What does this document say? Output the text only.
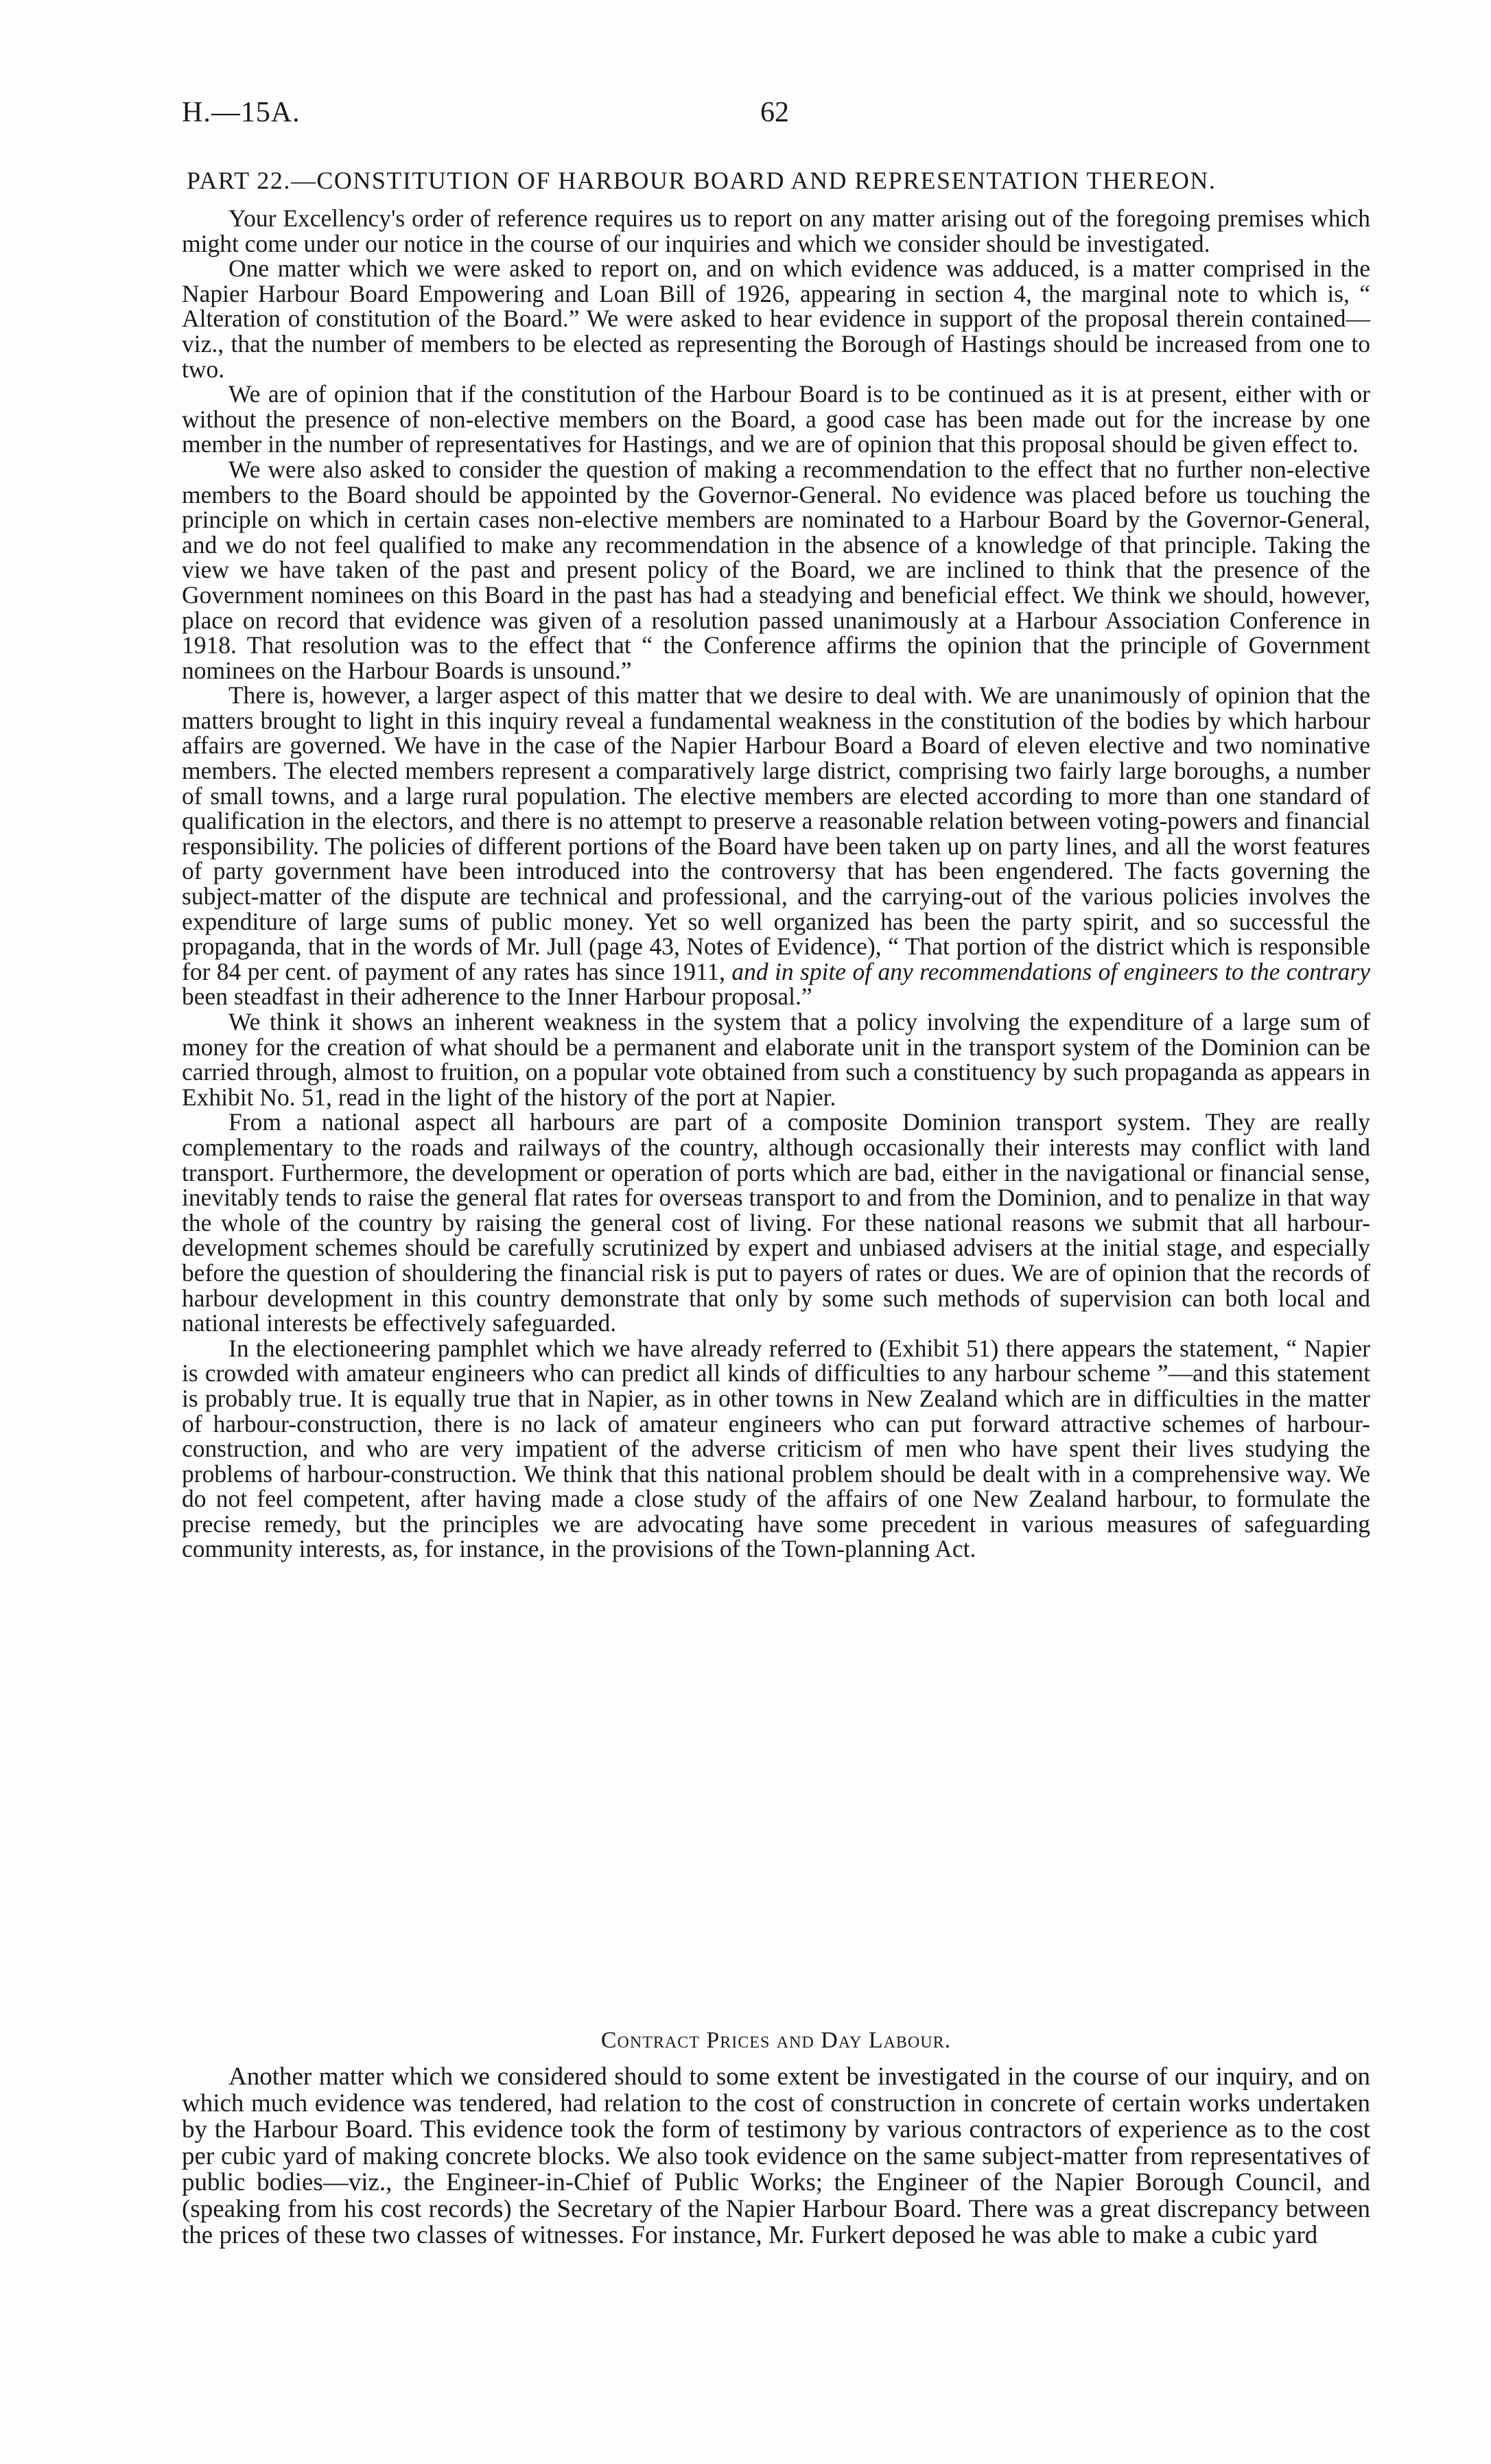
H.—15A.	62
PART 22.—CONSTITUTION OF HARBOUR BOARD AND REPRESENTATION THEREON.

Your Excellency's order of reference requires us to report on any matter arising out of the foregoing premises which might come under our notice in the course of our inquiries and which we consider should be investigated.

One matter which we were asked to report on, and on which evidence was adduced, is a matter comprised in the Napier Harbour Board Empowering and Loan Bill of 1926, appearing in section 4, the marginal note to which is, “ Alteration of constitution of the Board.” We were asked to hear evidence in support of the proposal therein contained—viz., that the number of members to be elected as representing the Borough of Hastings should be increased from one to two.

We are of opinion that if the constitution of the Harbour Board is to be continued as it is at present, either with or without the presence of non-elective members on the Board, a good case has been made out for the increase by one member in the number of representatives for Hastings, and we are of opinion that this proposal should be given effect to.

We were also asked to consider the question of making a recommendation to the effect that no further non-elective members to the Board should be appointed by the Governor-General. No evidence was placed before us touching the principle on which in certain cases non-elective members are nominated to a Harbour Board by the Governor-General, and we do not feel qualified to make any recommendation in the absence of a knowledge of that principle. Taking the view we have taken of the past and present policy of the Board, we are inclined to think that the presence of the Government nominees on this Board in the past has had a steadying and beneficial effect. We think we should, however, place on record that evidence was given of a resolution passed unanimously at a Harbour Association Conference in 1918. That resolution was to the effect that “ the Conference affirms the opinion that the principle of Government nominees on the Harbour Boards is unsound.”

There is, however, a larger aspect of this matter that we desire to deal with. We are unanimously of opinion that the matters brought to light in this inquiry reveal a fundamental weakness in the constitution of the bodies by which harbour affairs are governed. We have in the case of the Napier Harbour Board a Board of eleven elective and two nominative members. The elected members represent a comparatively large district, comprising two fairly large boroughs, a number of small towns, and a large rural population. The elective members are elected according to more than one standard of qualification in the electors, and there is no attempt to preserve a reasonable relation between voting-powers and financial responsibility. The policies of different portions of the Board have been taken up on party lines, and all the worst features of party government have been introduced into the controversy that has been engendered. The facts governing the subject-matter of the dispute are technical and professional, and the carrying-out of the various policies involves the expenditure of large sums of public money. Yet so well organized has been the party spirit, and so successful the propaganda, that in the words of Mr. Jull (page 43, Notes of Evidence), “ That portion of the district which is responsible for 84 per cent. of payment of any rates has since 1911, and in spite of any recommendations of engineers to the contrary been steadfast in their adherence to the Inner Harbour proposal.”

We think it shows an inherent weakness in the system that a policy involving the expenditure of a large sum of money for the creation of what should be a permanent and elaborate unit in the transport system of the Dominion can be carried through, almost to fruition, on a popular vote obtained from such a constituency by such propaganda as appears in Exhibit No. 51, read in the light of the history of the port at Napier.

From a national aspect all harbours are part of a composite Dominion transport system. They are really complementary to the roads and railways of the country, although occasionally their interests may conflict with land transport. Furthermore, the development or operation of ports which are bad, either in the navigational or financial sense, inevitably tends to raise the general flat rates for overseas transport to and from the Dominion, and to penalize in that way the whole of the country by raising the general cost of living. For these national reasons we submit that all harbour-development schemes should be carefully scrutinized by expert and unbiased advisers at the initial stage, and especially before the question of shouldering the financial risk is put to payers of rates or dues. We are of opinion that the records of harbour development in this country demonstrate that only by some such methods of supervision can both local and national interests be effectively safeguarded.

In the electioneering pamphlet which we have already referred to (Exhibit 51) there appears the statement, “ Napier is crowded with amateur engineers who can predict all kinds of difficulties to any harbour scheme ”—and this statement is probably true. It is equally true that in Napier, as in other towns in New Zealand which are in difficulties in the matter of harbour-construction, there is no lack of amateur engineers who can put forward attractive schemes of harbour-construction, and who are very impatient of the adverse criticism of men who have spent their lives studying the problems of harbour-construction. We think that this national problem should be dealt with in a comprehensive way. We do not feel competent, after having made a close study of the affairs of one New Zealand harbour, to formulate the precise remedy, but the principles we are advocating have some precedent in various measures of safeguarding community interests, as, for instance, in the provisions of the Town-planning Act.

Contract Prices and Day Labour.

Another matter which we considered should to some extent be investigated in the course of our inquiry, and on which much evidence was tendered, had relation to the cost of construction in concrete of certain works undertaken by the Harbour Board. This evidence took the form of testimony by various contractors of experience as to the cost per cubic yard of making concrete blocks. We also took evidence on the same subject-matter from representatives of public bodies—viz., the Engineer-in-Chief of Public Works; the Engineer of the Napier Borough Council, and (speaking from his cost records) the Secretary of the Napier Harbour Board. There was a great discrepancy between the prices of these two classes of witnesses. For instance, Mr. Furkert deposed he was able to make a cubic yard
